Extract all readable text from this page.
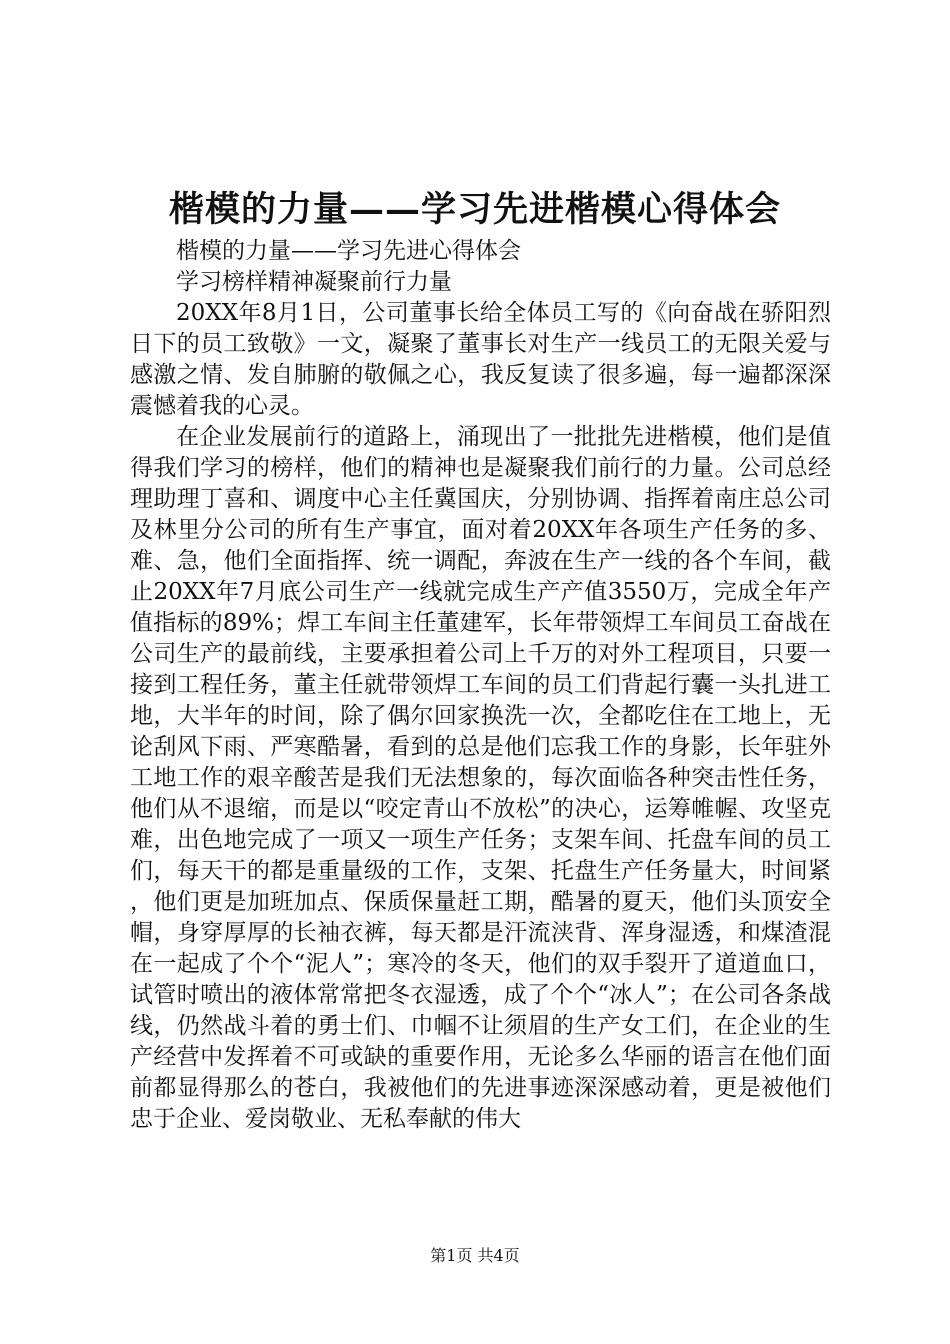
楷模的力量——学习先进楷模心得体会

楷模的力量——学习先进心得体会

学习榜样精神凝聚前行力量

20XX年8月1日，公司董事长给全体员工写的《向奋战在骄阳烈日下的员工致敬》一文，凝聚了董事长对生产一线员工的无限关爱与感激之情、发自肺腑的敬佩之心，我反复读了很多遍，每一遍都深深震憾着我的心灵。

在企业发展前行的道路上，涌现出了一批批先进楷模，他们是值得我们学习的榜样，他们的精神也是凝聚我们前行的力量。公司总经理助理丁喜和、调度中心主任冀国庆，分别协调、指挥着南庄总公司及林里分公司的所有生产事宜，面对着20XX年各项生产任务的多、难、急，他们全面指挥、统一调配，奔波在生产一线的各个车间，截止20XX年7月底公司生产一线就完成生产产值3550万，完成全年产值指标的89%；焊工车间主任董建军，长年带领焊工车间员工奋战在公司生产的最前线，主要承担着公司上千万的对外工程项目，只要一接到工程任务，董主任就带领焊工车间的员工们背起行囊一头扎进工地，大半年的时间，除了偶尔回家换洗一次，全都吃住在工地上，无论刮风下雨、严寒酷暑，看到的总是他们忘我工作的身影，长年驻外工地工作的艰辛酸苦是我们无法想象的，每次面临各种突击性任务，他们从不退缩，而是以“咬定青山不放松”的决心，运筹帷幄、攻坚克难，出色地完成了一项又一项生产任务；支架车间、托盘车间的员工们，每天干的都是重量级的工作，支架、托盘生产任务量大，时间紧，他们更是加班加点、保质保量赶工期，酷暑的夏天，他们头顶安全帽，身穿厚厚的长袖衣裤，每天都是汗流浃背、浑身湿透，和煤渣混在一起成了个个“泥人”；寒冷的冬天，他们的双手裂开了道道血口，试管时喷出的液体常常把冬衣湿透，成了个个“冰人”；在公司各条战线，仍然战斗着的勇士们、巾帼不让须眉的生产女工们，在企业的生产经营中发挥着不可或缺的重要作用，无论多么华丽的语言在他们面前都显得那么的苍白，我被他们的先进事迹深深感动着，更是被他们忠于企业、爱岗敬业、无私奉献的伟大

第1页 共4页
